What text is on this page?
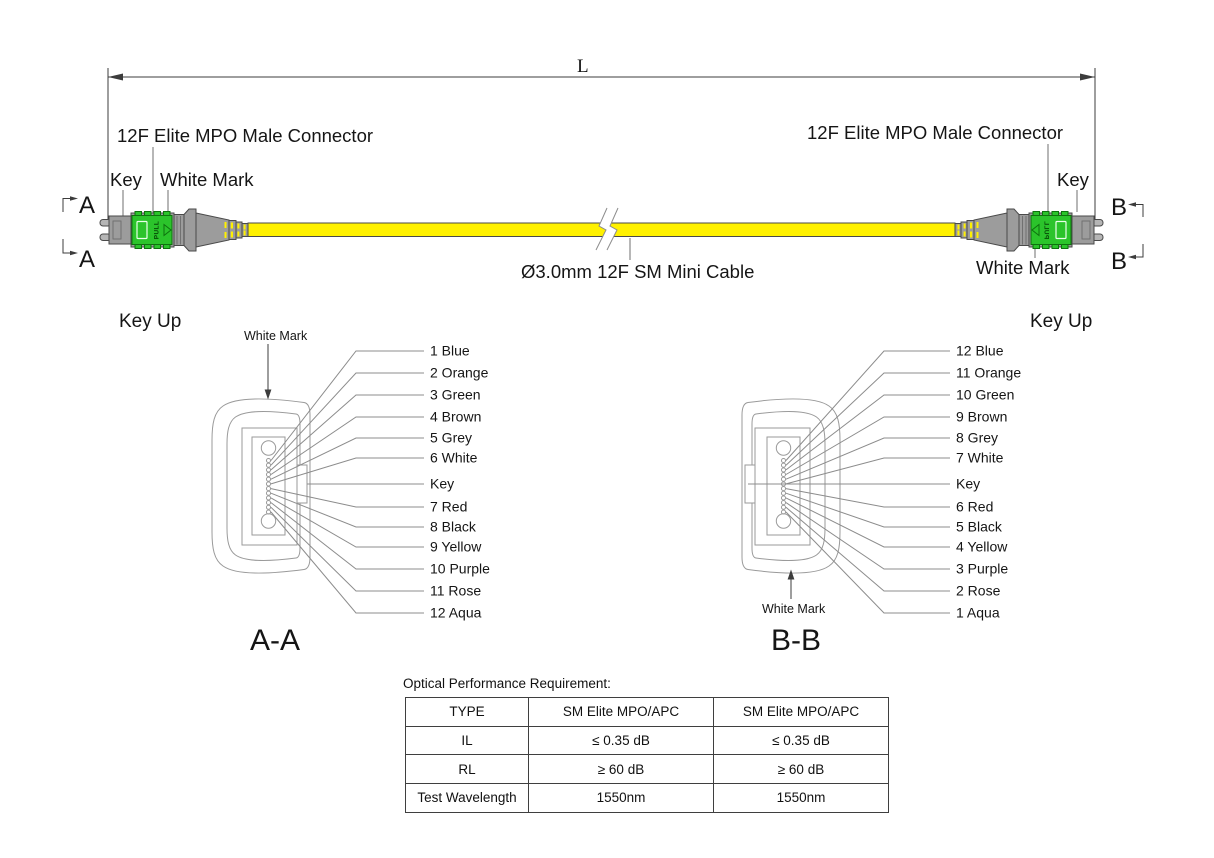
L
12F Elite MPO Male Connector	12F Elite MPO Male Connector
Key White Mark	Key
White Mark
Ø3.0mm 12F SM Mini Cable
A
A
B
B
PULL	PULL
Key Up	Key Up
White Mark
1 Blue
2 Orange
3 Green
4 Brown
5 Grey
6 White
Key
7 Red
8 Black
9 Yellow
10 Purple
11 Rose
12 Aqua
A-A
White Mark
12 Blue
11 Orange
10 Green
9 Brown
8 Grey
7 White
Key
6 Red
5 Black
4 Yellow
3 Purple
2 Rose
1 Aqua
B-B
Optical Performance Requirement:
TYPE	SM Elite MPO/APC	SM Elite MPO/APC
IL	≤ 0.35 dB	≤ 0.35 dB
RL	≥ 60 dB	≥ 60 dB
Test Wavelength	1550nm	1550nm
